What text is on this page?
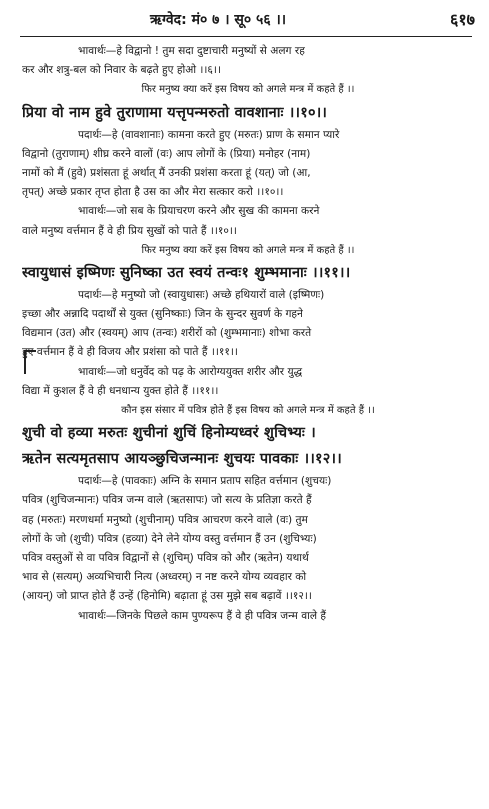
ऋग्वेद: मं० ७ । सू० ५६ ।।	६१७
भावार्थः—हे विद्वानो ! तुम सदा दुष्टाचारी मनुष्यों से अलग रह
कर और शत्रु-बल को निवार के बढ़ते हुए होओ ।।६।।
फिर मनुष्य क्या करें इस विषय को अगले मन्त्र में कहते हैं ।।
प्रिया वो नाम हुवे तुराणामा यत्तृपन्मरुतो वावशानाः ।।१०।।
पदार्थः—हे (वावशानाः) कामना करते हुए (मरुतः) प्राण के समान प्यारे
विद्वानो (तुराणाम्) शीघ्र करने वालों (वः) आप लोगों के (प्रिया) मनोहर (नाम)
नामों को मैं (हुवे) प्रशंसता हूं अर्थात् मैं उनकी प्रशंसा करता हूं (यत्) जो (आ,
तृपत्) अच्छे प्रकार तृप्त होता है उस का और मेरा सत्कार करो ।।१०।।
भावार्थः—जो सब के प्रियाचरण करने और सुख की कामना करने
वाले मनुष्य वर्त्तमान हैं वे ही प्रिय सुखों को पाते हैं ।।१०।।
फिर मनुष्य क्या करें इस विषय को अगले मन्त्र में कहते हैं ।।
स्वायुधासं इष्मिणः सुनिष्का उत स्वयं तन्वः१ शुम्भमानाः ।।११।।
पदार्थः—हे मनुष्यो जो (स्वायुधासः) अच्छे हथियारों वाले (इष्मिणः)
इच्छा और अन्नादि पदार्थों से युक्त (सुनिष्काः) जिन के सुन्दर सुवर्ण के गहने
विद्यमान (उत) और (स्वयम्) आप (तन्वः) शरीरों को (शुम्भमानाः) शोभा करते
हुए वर्त्तमान हैं वे ही विजय और प्रशंसा को पाते हैं ।।११।।
भावार्थः—जो धनुर्वेद को पढ़ के आरोग्ययुक्त शरीर और युद्ध
विद्या में कुशल हैं वे ही धनधान्य युक्त होते हैं ।।११।।
कौन इस संसार में पवित्र होते हैं इस विषय को अगले मन्त्र में कहते हैं ।।
शुची वो हव्या मरुतः शुचीनां शुचिं हिनोम्यध्वरं शुचिभ्यः ।
ऋतेन सत्यमृतसाप आयञ्छुचिजन्मानः शुचयः पावकाः ।।१२।।
पदार्थः—हे (पावकाः) अग्नि के समान प्रताप सहित वर्त्तमान (शुचयः)
पवित्र (शुचिजन्मानः) पवित्र जन्म वाले (ऋतसापः) जो सत्य के प्रतिज्ञा करते हैं
वह (मरुतः) मरणधर्मा मनुष्यो (शुचीनाम्) पवित्र आचरण करने वाले (वः) तुम
लोगों के जो (शुची) पवित्र (हव्या) देने लेने योग्य वस्तु वर्त्तमान हैं उन (शुचिभ्यः)
पवित्र वस्तुओं से वा पवित्र विद्वानों से (शुचिम्) पवित्र को और (ऋतेन) यथार्थ
भाव से (सत्यम्) अव्यभिचारी नित्य (अध्वरम्) न नष्ट करने योग्य व्यवहार को
(आयन्) जो प्राप्त होते हैं उन्हें (हिनोमि) बढ़ाता हूं उस मुझे सब बढ़ावें ।।१२।।
भावार्थः—जिनके पिछले काम पुण्यरूप हैं वे ही पवित्र जन्म वाले हैं
